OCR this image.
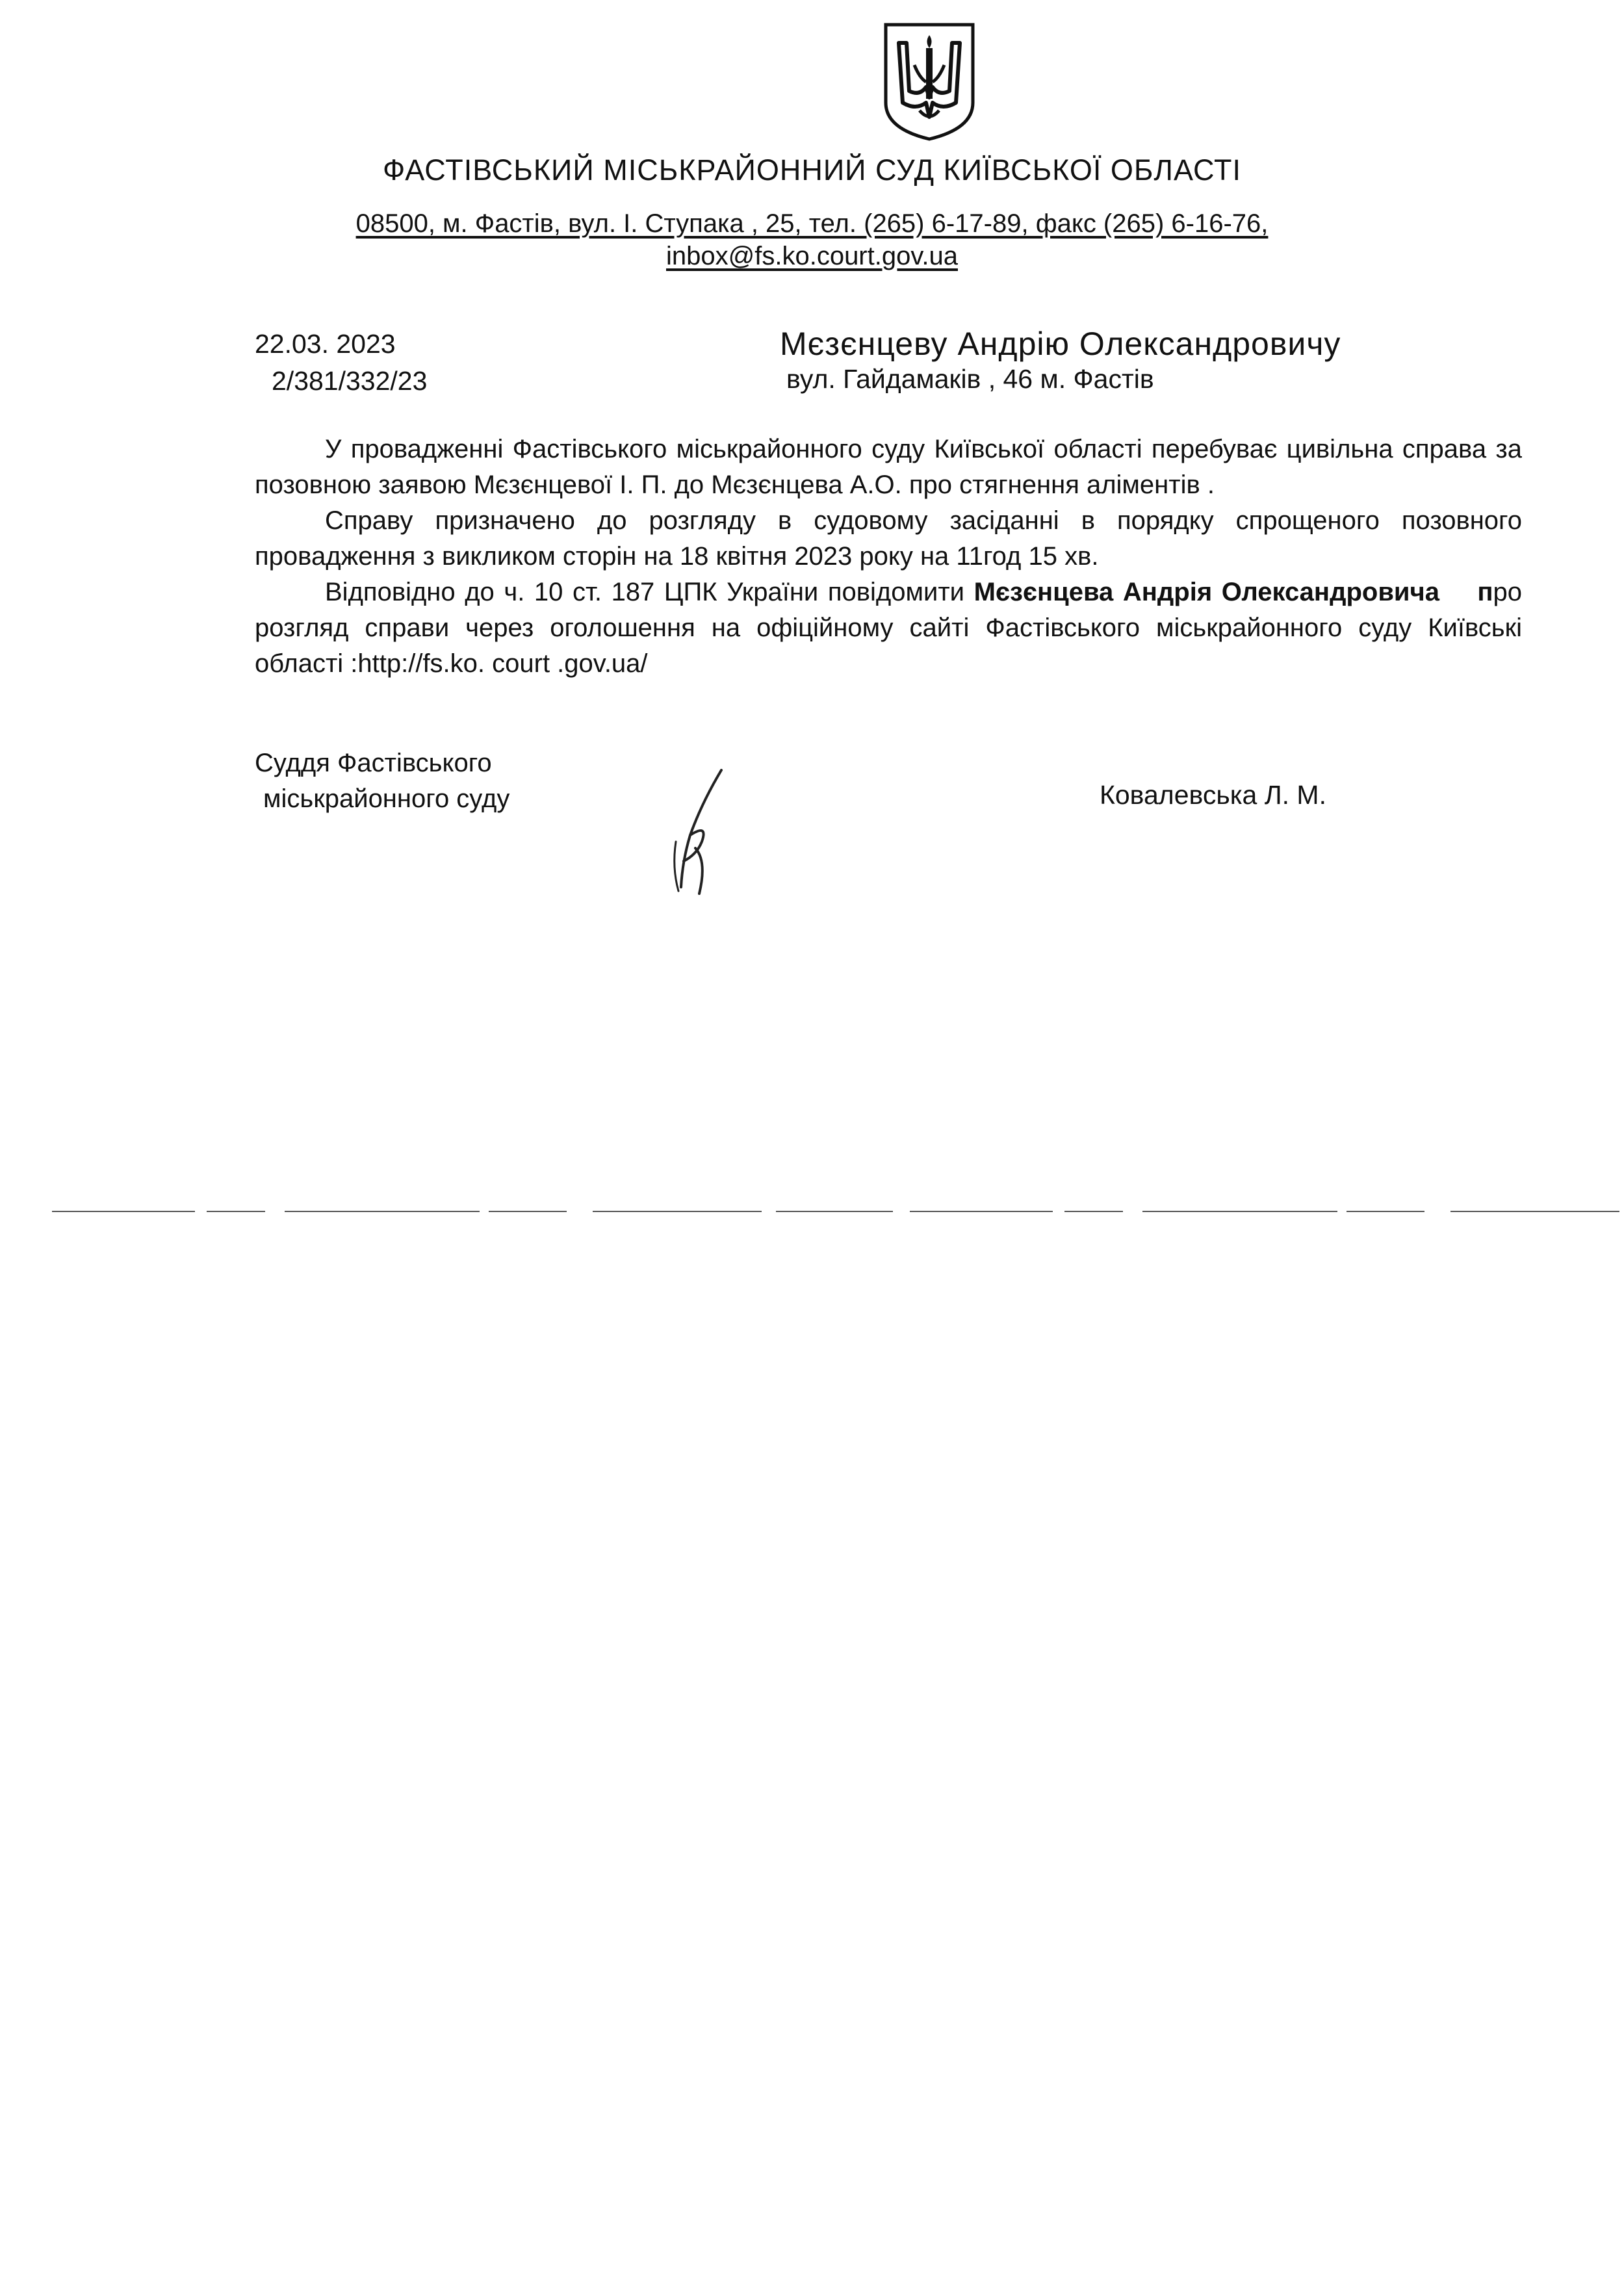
ФАСТІВСЬКИЙ МІСЬКРАЙОННИЙ СУД КИЇВСЬКОЇ ОБЛАСТІ
08500, м. Фастів, вул. І. Ступака , 25, тел. (265) 6-17-89, факс (265) 6-16-76,
inbox@fs.ko.court.gov.ua
22.03. 2023
2/381/332/23
Мєзєнцеву Андрію Олександровичу
вул. Гайдамаків , 46 м. Фастів

У провадженні Фастівського міськрайонного суду Київської області перебуває цивільна справа за позовною заявою Мєзєнцевої І. П. до Мєзєнцева А.О. про стягнення аліментів .

Справу призначено до розгляду в судовому засіданні в порядку спрощеного позовного провадження з викликом сторін на 18 квітня 2023 року на 11год 15 хв.

Відповідно до ч. 10 ст. 187 ЦПК України повідомити Мєзєнцева Андрія Олександровича про розгляд справи через оголошення на офіційному сайті Фастівського міськрайонного суду Київські області :http://fs.ko. court .gov.ua/

Суддя Фастівського
міськрайонного суду	Ковалевська Л. М.
